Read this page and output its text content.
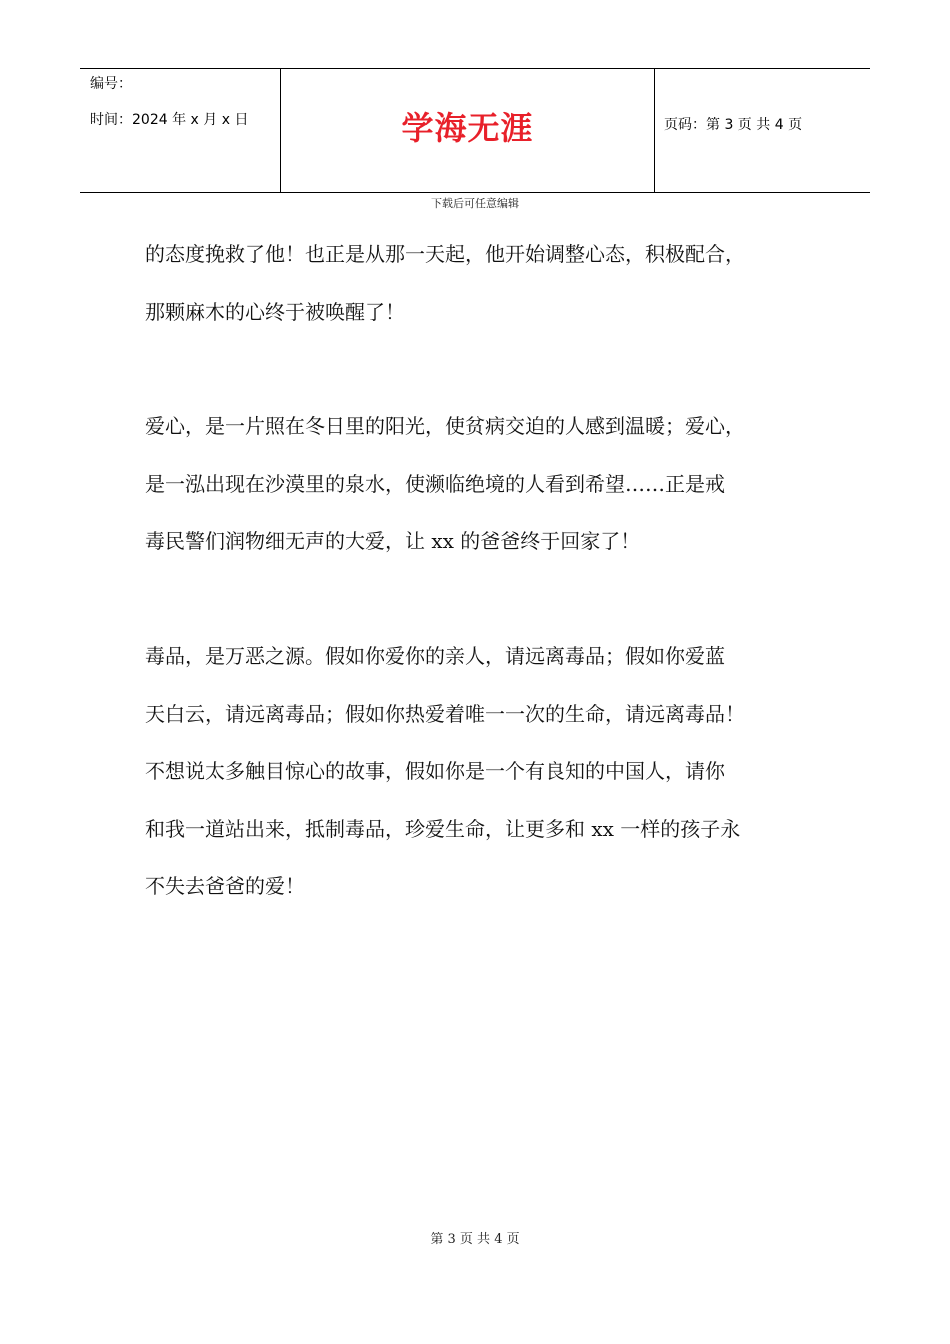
编号：
时间：2024 年 x 月 x 日	学海无涯	页码：第 3 页 共 4 页
下载后可任意编辑
的态度挽救了他！也正是从那一天起，他开始调整心态，积极配合，
那颗麻木的心终于被唤醒了！
爱心，是一片照在冬日里的阳光，使贫病交迫的人感到温暖；爱心，
是一泓出现在沙漠里的泉水，使濒临绝境的人看到希望……正是戒
毒民警们润物细无声的大爱，让 xx 的爸爸终于回家了！
毒品，是万恶之源。假如你爱你的亲人，请远离毒品；假如你爱蓝
天白云，请远离毒品；假如你热爱着唯一一次的生命，请远离毒品！
不想说太多触目惊心的故事，假如你是一个有良知的中国人，请你
和我一道站出来，抵制毒品，珍爱生命，让更多和 xx 一样的孩子永
不失去爸爸的爱！
第 3 页 共 4 页
